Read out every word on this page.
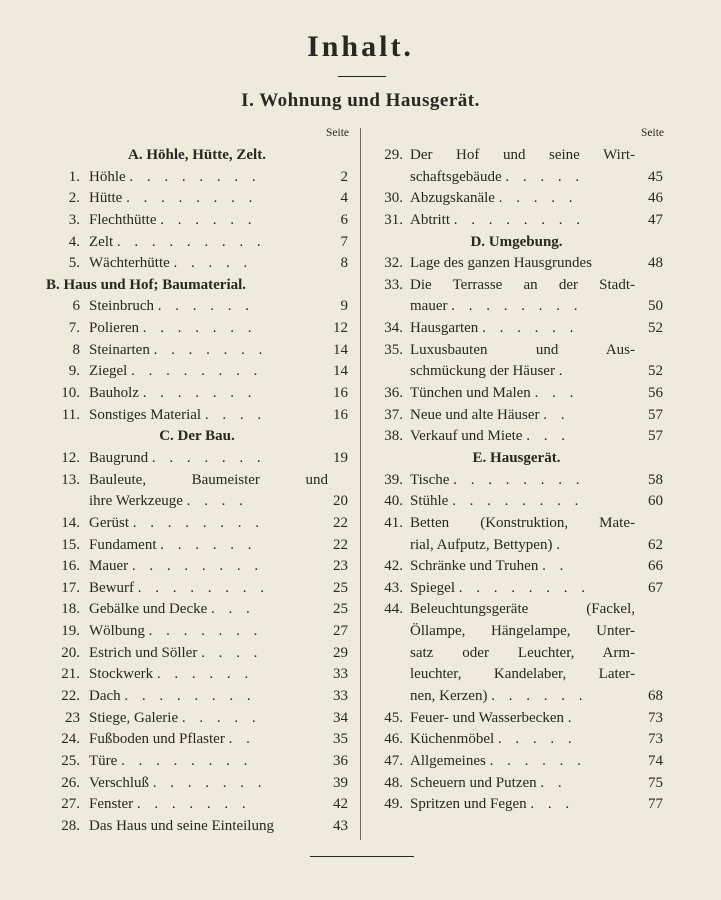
Inhalt.
I. Wohnung und Hausgerät.
Seite	Seite
A. Höhle, Hütte, Zelt.
1. Höhle . . . . . . . .	2
2. Hütte . . . . . . . .	4
3. Flechthütte . . . . . .	6
4. Zelt . . . . . . . . .	7
5. Wächterhütte . . . . .	8
B. Haus und Hof; Baumaterial.
6 Steinbruch . . . . . .	9
7. Polieren . . . . . . .	12
8 Steinarten . . . . . . .	14
9. Ziegel . . . . . . . .	14
10. Bauholz . . . . . . .	16
11. Sonstiges Material . . . .	16
C. Der Bau.
12. Baugrund . . . . . . .	19
13. Bauleute, Baumeister und
ihre Werkzeuge . . . .	20
14. Gerüst . . . . . . . .	22
15. Fundament . . . . . .	22
16. Mauer . . . . . . . .	23
17. Bewurf . . . . . . . .	25
18. Gebälke und Decke . . .	25
19. Wölbung . . . . . . .	27
20. Estrich und Söller . . . .	29
21. Stockwerk . . . . . .	33
22. Dach . . . . . . . .	33
23 Stiege, Galerie . . . . .	34
24. Fußboden und Pflaster . .	35
25. Türe . . . . . . . .	36
26. Verschluß . . . . . . .	39
27. Fenster . . . . . . .	42
28. Das Haus und seine Einteilung	43
29. Der Hof und seine Wirt-
schaftsgebäude . . . . .	45
30. Abzugskanäle . . . . .	46
31. Abtritt . . . . . . . .	47
D. Umgebung.
32. Lage des ganzen Hausgrundes	48
33. Die Terrasse an der Stadt-
mauer . . . . . . . .	50
34. Hausgarten . . . . . .	52
35. Luxusbauten und Aus-
schmückung der Häuser .	52
36. Tünchen und Malen . . .	56
37. Neue und alte Häuser . .	57
38. Verkauf und Miete . . .	57
E. Hausgerät.
39. Tische . . . . . . . .	58
40. Stühle . . . . . . . .	60
41. Betten (Konstruktion, Mate-
rial, Aufputz, Bettypen) .	62
42. Schränke und Truhen . .	66
43. Spiegel . . . . . . . .	67
44. Beleuchtungsgeräte (Fackel,
Öllampe, Hängelampe, Unter-
satz oder Leuchter, Arm-
leuchter, Kandelaber, Later-
nen, Kerzen) . . . . . .	68
45. Feuer- und Wasserbecken .	73
46. Küchenmöbel . . . . .	73
47. Allgemeines . . . . . .	74
48. Scheuern und Putzen . .	75
49. Spritzen und Fegen . . .	77
